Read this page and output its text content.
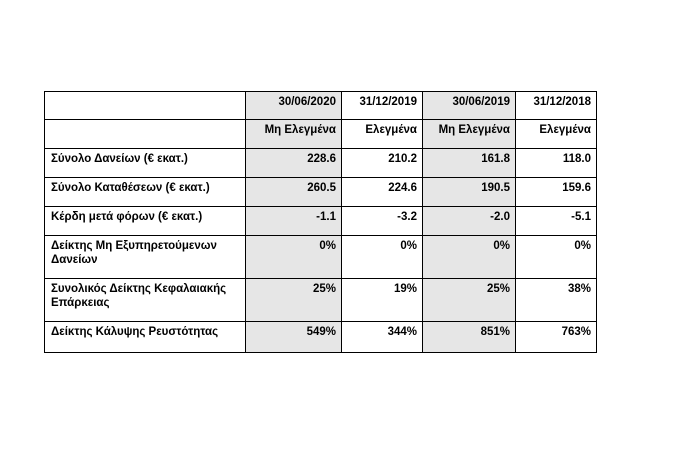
	30/06/2020	31/12/2019	30/06/2019	31/12/2018
	Μη Ελεγμένα	Ελεγμένα	Μη Ελεγμένα	Ελεγμένα
Σύνολο Δανείων (€ εκατ.)	228.6	210.2	161.8	118.0
Σύνολο Καταθέσεων (€ εκατ.)	260.5	224.6	190.5	159.6
Κέρδη μετά φόρων (€ εκατ.)	-1.1	-3.2	-2.0	-5.1
Δείκτης Μη Εξυπηρετούμενων Δανείων	0%	0%	0%	0%
Συνολικός Δείκτης Κεφαλαιακής Επάρκειας	25%	19%	25%	38%
Δείκτης Κάλυψης Ρευστότητας	549%	344%	851%	763%
